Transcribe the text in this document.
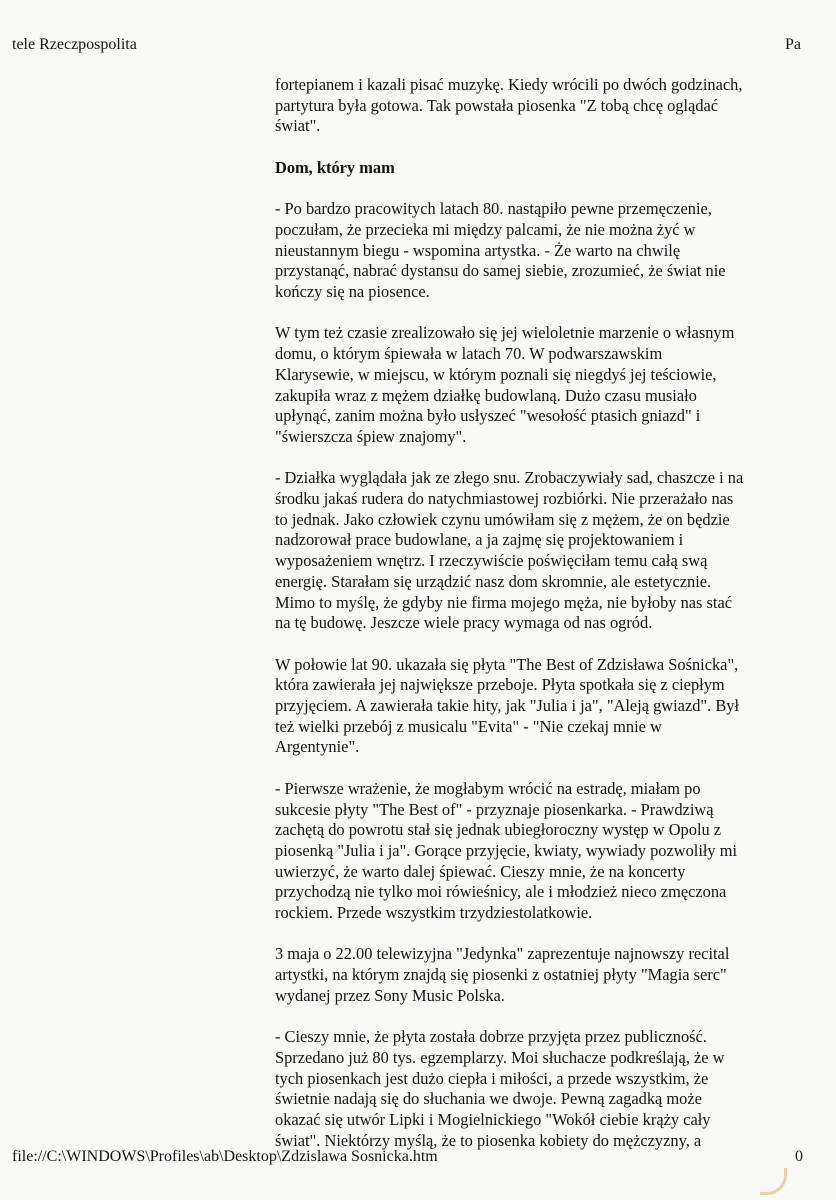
tele Rzeczpospolita	Pa

fortepianem i kazali pisać muzykę. Kiedy wrócili po dwóch godzinach, partytura była gotowa. Tak powstała piosenka "Z tobą chcę oglądać świat".

Dom, który mam

- Po bardzo pracowitych latach 80. nastąpiło pewne przemęczenie, poczułam, że przecieka mi między palcami, że nie można żyć w nieustannym biegu - wspomina artystka. - Że warto na chwilę przystanąć, nabrać dystansu do samej siebie, zrozumieć, że świat nie kończy się na piosence.

W tym też czasie zrealizowało się jej wieloletnie marzenie o własnym domu, o którym śpiewała w latach 70. W podwarszawskim Klarysewie, w miejscu, w którym poznali się niegdyś jej teściowie, zakupiła wraz z mężem działkę budowlaną. Dużo czasu musiało upłynąć, zanim można było usłyszeć "wesołość ptasich gniazd" i "świerszcza śpiew znajomy".

- Działka wyglądała jak ze złego snu. Zrobaczywiały sad, chaszcze i na środku jakaś rudera do natychmiastowej rozbiórki. Nie przerażało nas to jednak. Jako człowiek czynu umówiłam się z mężem, że on będzie nadzorował prace budowlane, a ja zajmę się projektowaniem i wyposażeniem wnętrz. I rzeczywiście poświęciłam temu całą swą energię. Starałam się urządzić nasz dom skromnie, ale estetycznie. Mimo to myślę, że gdyby nie firma mojego męża, nie byłoby nas stać na tę budowę. Jeszcze wiele pracy wymaga od nas ogród.

W połowie lat 90. ukazała się płyta "The Best of Zdzisława Sośnicka", która zawierała jej największe przeboje. Płyta spotkała się z ciepłym przyjęciem. A zawierała takie hity, jak "Julia i ja", "Aleją gwiazd". Był też wielki przebój z musicalu "Evita" - "Nie czekaj mnie w Argentynie".

- Pierwsze wrażenie, że mogłabym wrócić na estradę, miałam po sukcesie płyty "The Best of" - przyznaje piosenkarka. - Prawdziwą zachętą do powrotu stał się jednak ubiegłoroczny występ w Opolu z piosenką "Julia i ja". Gorące przyjęcie, kwiaty, wywiady pozwoliły mi uwierzyć, że warto dalej śpiewać. Cieszy mnie, że na koncerty przychodzą nie tylko moi rówieśnicy, ale i młodzież nieco zmęczona rockiem. Przede wszystkim trzydziestolatkowie.

3 maja o 22.00 telewizyjna "Jedynka" zaprezentuje najnowszy recital artystki, na którym znajdą się piosenki z ostatniej płyty "Magia serc" wydanej przez Sony Music Polska.

- Cieszy mnie, że płyta została dobrze przyjęta przez publiczność. Sprzedano już 80 tys. egzemplarzy. Moi słuchacze podkreślają, że w tych piosenkach jest dużo ciepła i miłości, a przede wszystkim, że świetnie nadają się do słuchania we dwoje. Pewną zagadką może okazać się utwór Lipki i Mogielnickiego "Wokół ciebie krąży cały świat". Niektórzy myślą, że to piosenka kobiety do mężczyzny, a

file://C:\WINDOWS\Profiles\ab\Desktop\Zdzislawa Sosnicka.htm	0
